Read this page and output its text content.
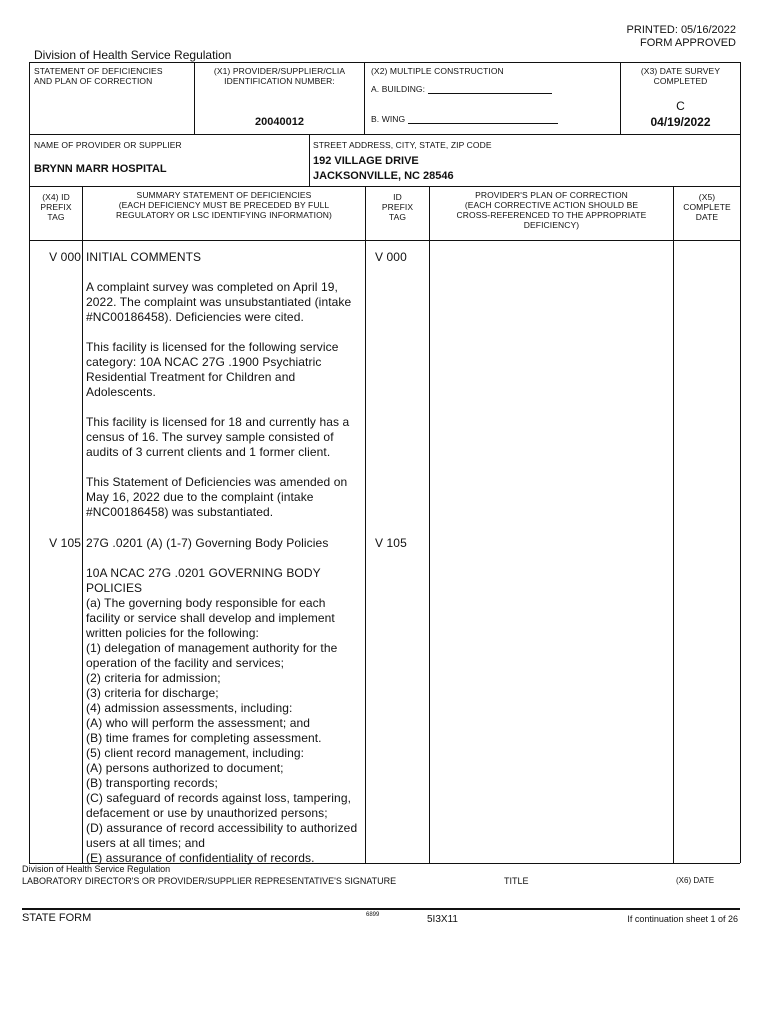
PRINTED: 05/16/2022
FORM APPROVED
Division of Health Service Regulation
STATEMENT OF DEFICIENCIES
AND PLAN OF CORRECTION
(X1) PROVIDER/SUPPLIER/CLIA
IDENTIFICATION NUMBER:
20040012
(X2) MULTIPLE CONSTRUCTION
A. BUILDING:
B. WING
(X3) DATE SURVEY
COMPLETED
C
04/19/2022
NAME OF PROVIDER OR SUPPLIER
BRYNN MARR HOSPITAL
STREET ADDRESS, CITY, STATE, ZIP CODE
192 VILLAGE DRIVE
JACKSONVILLE, NC 28546
(X4) ID
PREFIX
TAG
SUMMARY STATEMENT OF DEFICIENCIES
(EACH DEFICIENCY MUST BE PRECEDED BY FULL
REGULATORY OR LSC IDENTIFYING INFORMATION)
ID
PREFIX
TAG
PROVIDER'S PLAN OF CORRECTION
(EACH CORRECTIVE ACTION SHOULD BE
CROSS-REFERENCED TO THE APPROPRIATE
DEFICIENCY)
(X5)
COMPLETE
DATE
V 000	V 000
INITIAL COMMENTS
A complaint survey was completed on April 19, 2022. The complaint was unsubstantiated (intake #NC00186458). Deficiencies were cited.
This facility is licensed for the following service category: 10A NCAC 27G .1900 Psychiatric Residential Treatment for Children and Adolescents.
This facility is licensed for 18 and currently has a census of 16. The survey sample consisted of audits of 3 current clients and 1 former client.
This Statement of Deficiencies was amended on May 16, 2022 due to the complaint (intake #NC00186458) was substantiated.
V 105	V 105
27G .0201 (A) (1-7) Governing Body Policies
10A NCAC 27G .0201 GOVERNING BODY POLICIES
(a) The governing body responsible for each facility or service shall develop and implement written policies for the following:
(1) delegation of management authority for the operation of the facility and services;
(2) criteria for admission;
(3) criteria for discharge;
(4) admission assessments, including:
(A) who will perform the assessment; and
(B) time frames for completing assessment.
(5) client record management, including:
(A) persons authorized to document;
(B) transporting records;
(C) safeguard of records against loss, tampering, defacement or use by unauthorized persons;
(D) assurance of record accessibility to authorized users at all times; and
(E) assurance of confidentiality of records.
Division of Health Service Regulation
LABORATORY DIRECTOR'S OR PROVIDER/SUPPLIER REPRESENTATIVE'S SIGNATURE	TITLE	(X6) DATE
STATE FORM	6899	5I3X11	If continuation sheet 1 of 26
